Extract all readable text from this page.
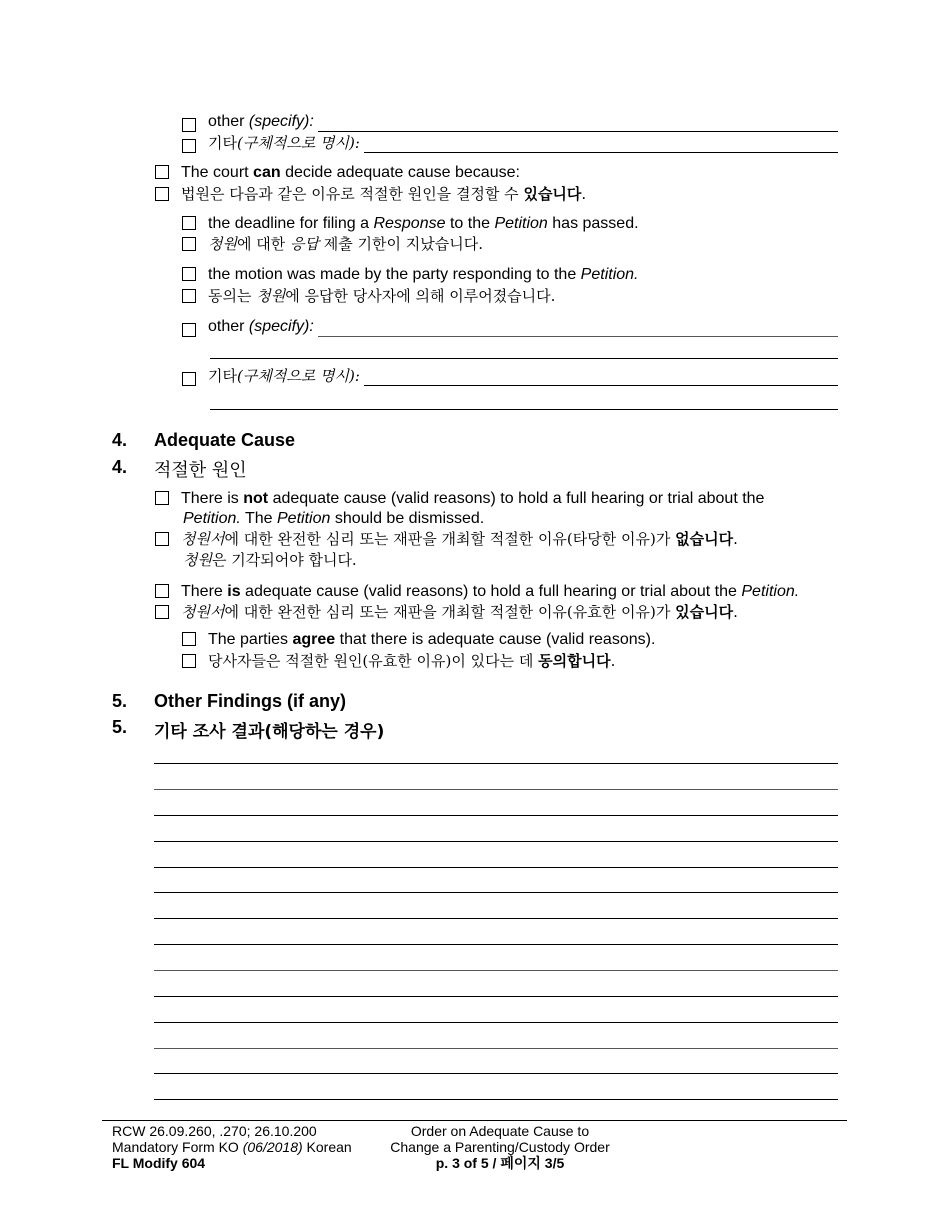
other
(specify):
기타 (구체적으로 명시):
The court can decide adequate cause because:
법원은 다음과 같은 이유로 적절한 원인을 결정할 수 있습니다.
the deadline for filing a Response to the Petition has passed.
청원에 대한 응답 제출 기한이 지났습니다.
the motion was made by the party responding to the Petition.
동의는 청원에 응답한 당사자에 의해 이루어졌습니다.
other
(specify):
기타 (구체적으로 명시):
4. Adequate Cause
4. 적절한 원인
There is not adequate cause (valid reasons) to hold a full hearing or trial about the
Petition. The Petition should be dismissed.
청원서에 대한 완전한 심리 또는 재판을 개최할 적절한 이유(타당한 이유)가 없습니다.
청원은 기각되어야 합니다.
There is adequate cause (valid reasons) to hold a full hearing or trial about the Petition.
청원서에 대한 완전한 심리 또는 재판을 개최할 적절한 이유(유효한 이유)가 있습니다.
The parties agree that there is adequate cause (valid reasons).
당사자들은 적절한 원인(유효한 이유)이 있다는 데 동의합니다.
5. Other Findings (if any)
5. 기타 조사 결과(해당하는 경우)
RCW 26.09.260, .270; 26.10.200
Mandatory Form KO (06/2018) Korean
FL Modify 604
Order on Adequate Cause to
Change a Parenting/Custody Order
p. 3 of 5 / 페이지 3/5
